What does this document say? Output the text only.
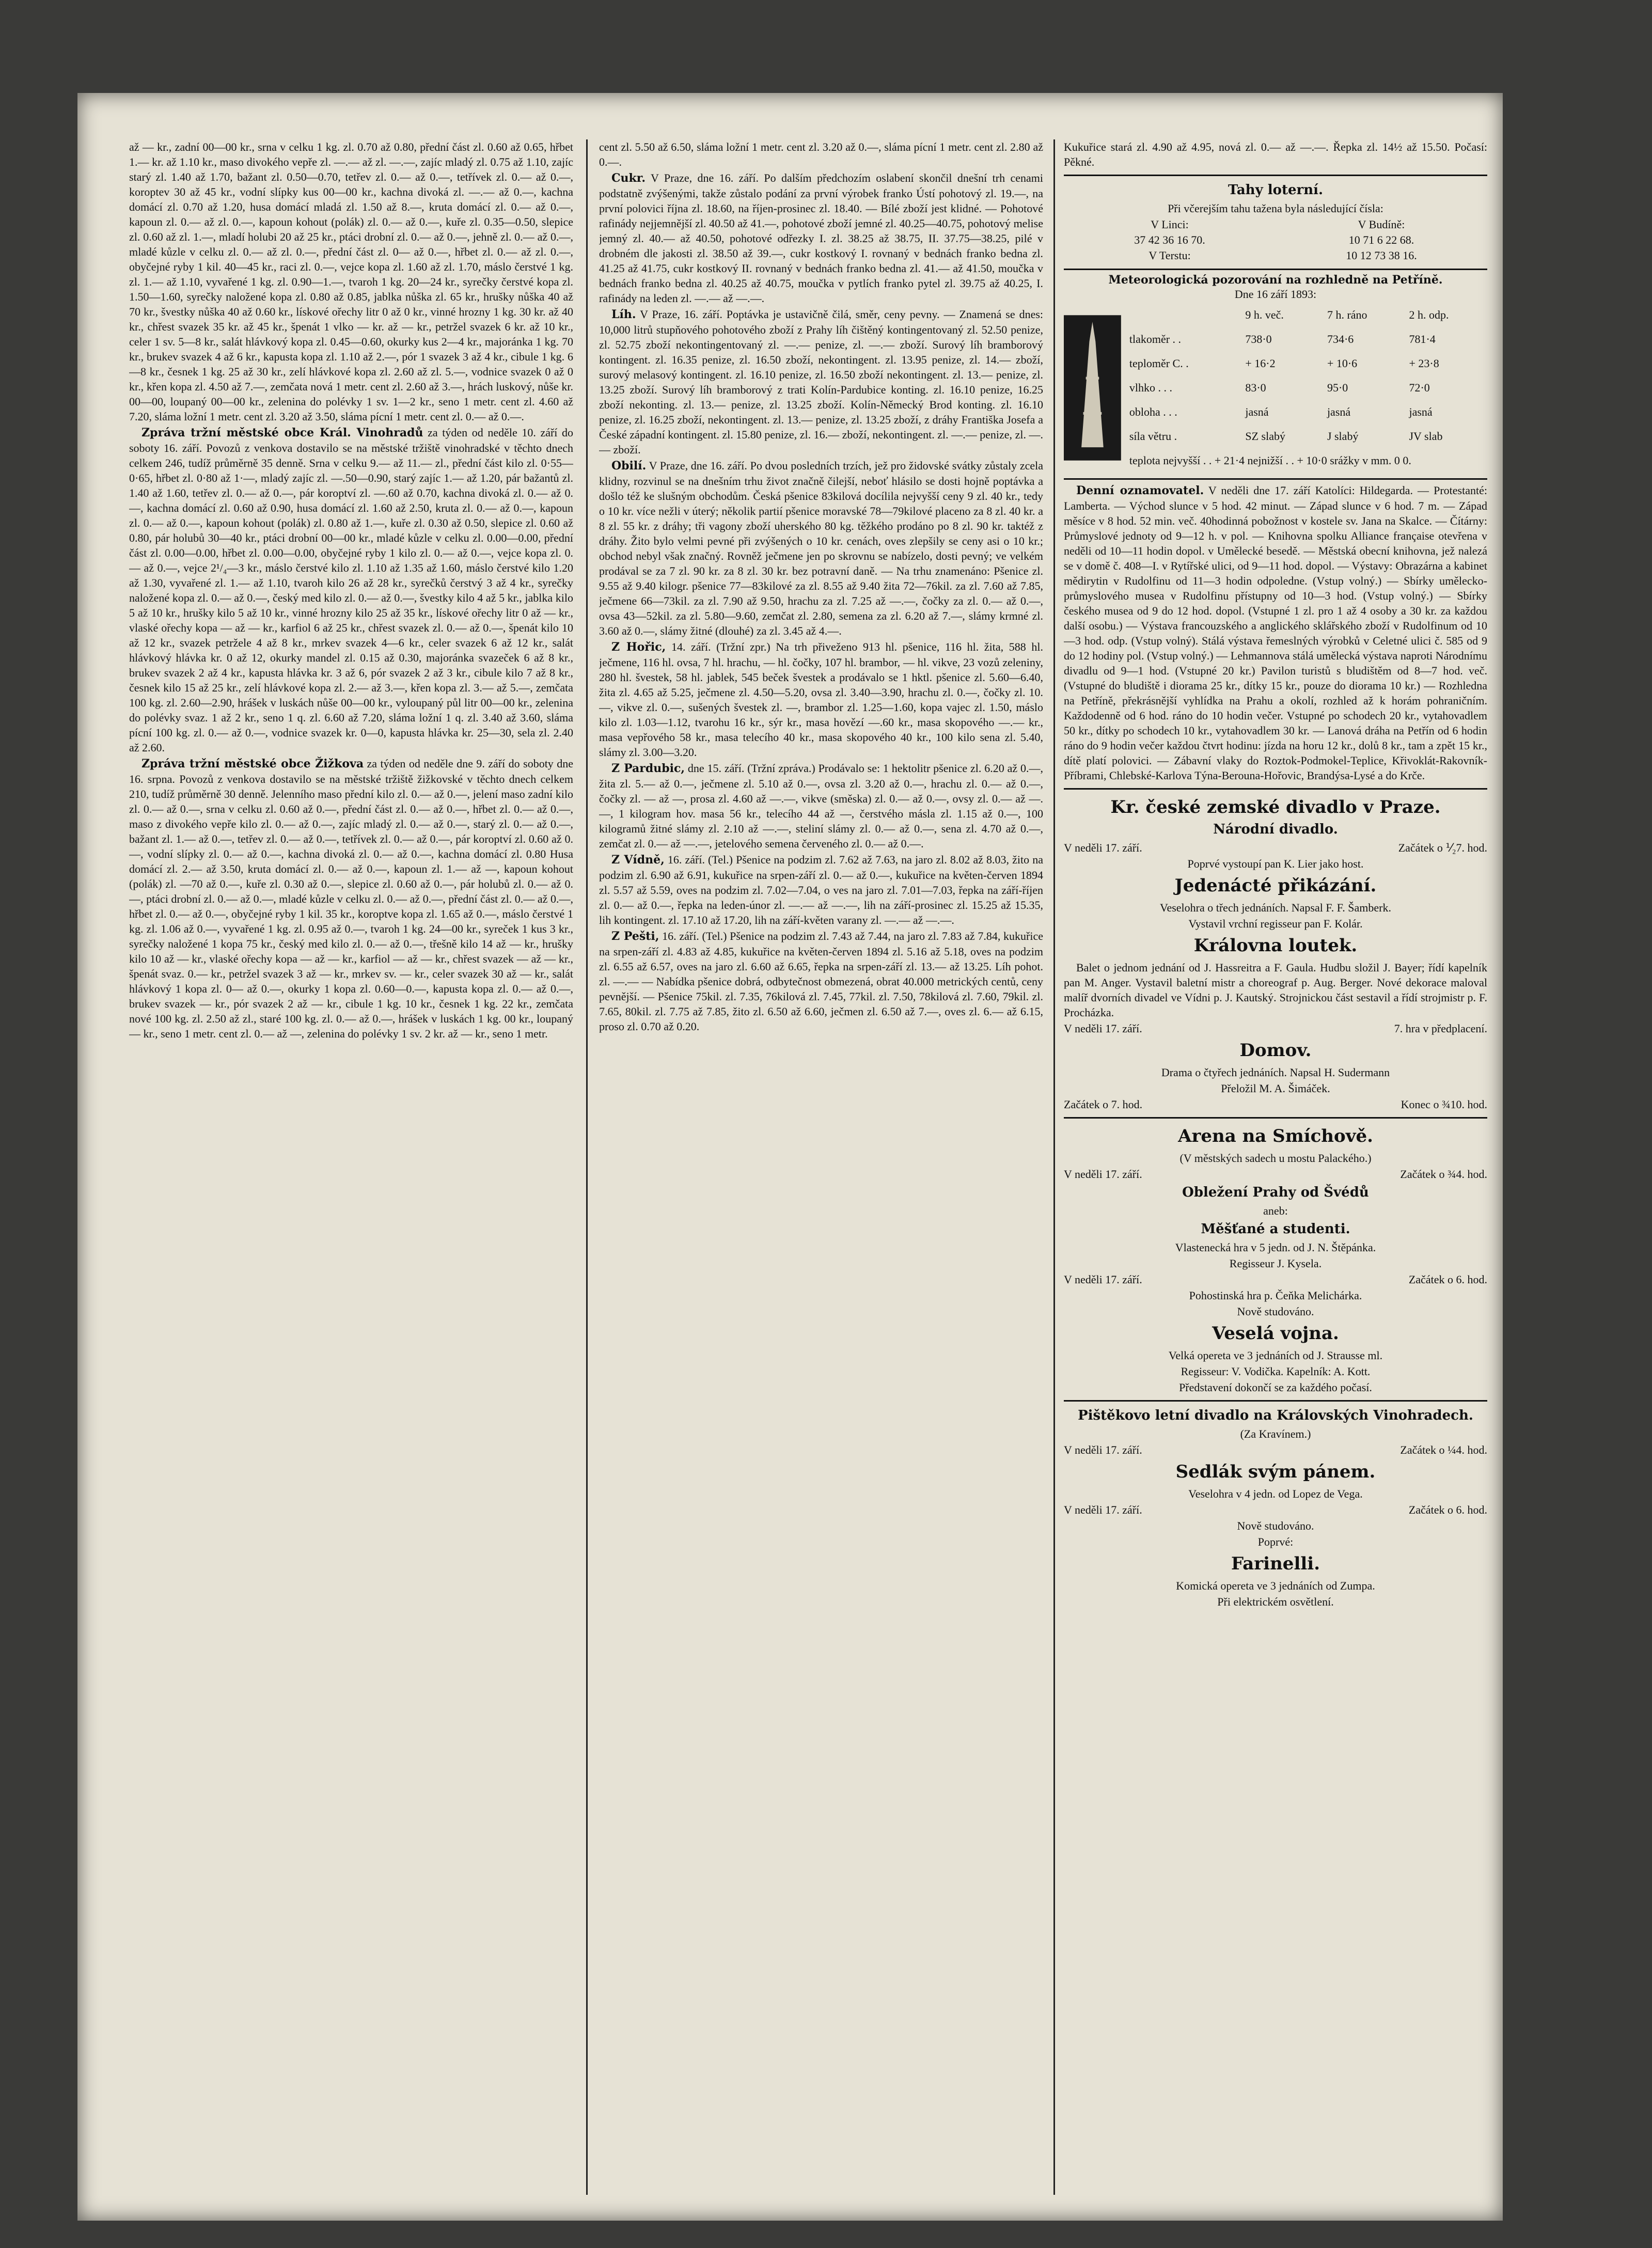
až — kr., zadní 00—00 kr., srna v celku 1 kg. zl. 0.70 až 0.80, přední část zl. 0.60 až 0.65, hřbet 1.— kr. až 1.10 kr., maso divokého vepře zl. —.— až zl. —.—, zajíc mladý zl. 0.75 až 1.10, zajíc starý zl. 1.40 až 1.70, bažant zl. 0.50—0.70, tetřev zl. 0.— až 0.—, tetřívek zl. 0.— až 0.—, koroptev 30 až 45 kr., vodní slípky kus 00—00 kr., kachna divoká zl. —.— až 0.—, kachna domácí zl. 0.70 až 1.20, husa domácí mladá zl. 1.50 až 8.—, kruta domácí zl. 0.— až 0.—, kapoun zl. 0.— až zl. 0.—, kapoun kohout (polák) zl. 0.— až 0.—, kuře zl. 0.35—0.50, slepice zl. 0.60 až zl. 1.—, mladí holubi 20 až 25 kr., ptáci drobní zl. 0.— až 0.—, jehně zl. 0.— až 0.—, mladé kůzle v celku zl. 0.— až zl. 0.—, přední část zl. 0— až 0.—, hřbet zl. 0.— až zl. 0.—, obyčejné ryby 1 kil. 40—45 kr., raci zl. 0.—, vejce kopa zl. 1.60 až zl. 1.70, máslo čerstvé 1 kg. zl. 1.— až 1.10, vyvařené 1 kg. zl. 0.90—1.—, tvaroh 1 kg. 20—24 kr., syrečky čerstvé kopa zl. 1.50—1.60, syrečky naložené kopa zl. 0.80 až 0.85, jablka nůška zl. 65 kr., hrušky nůška 40 až 70 kr., švestky nůška 40 až 0.60 kr., lískové ořechy litr 0 až 0 kr., vinné hrozny 1 kg. 30 kr. až 40 kr., chřest svazek 35 kr. až 45 kr., špenát 1 vlko — kr. až — kr., petržel svazek 6 kr. až 10 kr., celer 1 sv. 5—8 kr., salát hlávkový kopa zl. 0.45—0.60, okurky kus 2—4 kr., majoránka 1 kg. 70 kr., brukev svazek 4 až 6 kr., kapusta kopa zl. 1.10 až 2.—, pór 1 svazek 3 až 4 kr., cibule 1 kg. 6—8 kr., česnek 1 kg. 25 až 30 kr., zelí hlávkové kopa zl. 2.60 až zl. 5.—, vodnice svazek 0 až 0 kr., křen kopa zl. 4.50 až 7.—, zemčata nová 1 metr. cent zl. 2.60 až 3.—, hrách luskový, nůše kr. 00—00, loupaný 00—00 kr., zelenina do polévky 1 sv. 1—2 kr., seno 1 metr. cent zl. 4.60 až 7.20, sláma ložní 1 metr. cent zl. 3.20 až 3.50, sláma pícní 1 metr. cent zl. 0.— až 0.—.

Zpráva tržní městské obce Král. Vinohradů za týden od neděle 10. září do soboty 16. září. Povozů z venkova dostavilo se na městské tržiště vinohradské v těchto dnech celkem 246, tudíž průměrně 35 denně. Srna v celku 9.— až 11.— zl., přední část kilo zl. 0·55—0·65, hřbet zl. 0·80 až 1·—, mladý zajíc zl. —.50—0.90, starý zajíc 1.— až 1.20, pár bažantů zl. 1.40 až 1.60, tetřev zl. 0.— až 0.—, pár koroptví zl. —.60 až 0.70, kachna divoká zl. 0.— až 0.—, kachna domácí zl. 0.60 až 0.90, husa domácí zl. 1.60 až 2.50, kruta zl. 0.— až 0.—, kapoun zl. 0.— až 0.—, kapoun kohout (polák) zl. 0.80 až 1.—, kuře zl. 0.30 až 0.50, slepice zl. 0.60 až 0.80, pár holubů 30—40 kr., ptáci drobní 00—00 kr., mladé kůzle v celku zl. 0.00—0.00, přední část zl. 0.00—0.00, hřbet zl. 0.00—0.00, obyčejné ryby 1 kilo zl. 0.— až 0.—, vejce kopa zl. 0.— až 0.—, vejce 2¹/₄—3 kr., máslo čerstvé kilo zl. 1.10 až 1.35 až 1.60, máslo čerstvé kilo 1.20 až 1.30, vyvařené zl. 1.— až 1.10, tvaroh kilo 26 až 28 kr., syrečků čerstvý 3 až 4 kr., syrečky naložené kopa zl. 0.— až 0.—, český med kilo zl. 0.— až 0.—, švestky kilo 4 až 5 kr., jablka kilo 5 až 10 kr., hrušky kilo 5 až 10 kr., vinné hrozny kilo 25 až 35 kr., lískové ořechy litr 0 až — kr., vlaské ořechy kopa — až — kr., karfiol 6 až 25 kr., chřest svazek zl. 0.— až 0.—, špenát kilo 10 až 12 kr., svazek petržele 4 až 8 kr., mrkev svazek 4—6 kr., celer svazek 6 až 12 kr., salát hlávkový hlávka kr. 0 až 12, okurky mandel zl. 0.15 až 0.30, majoránka svazeček 6 až 8 kr., brukev svazek 2 až 4 kr., kapusta hlávka kr. 3 až 6, pór svazek 2 až 3 kr., cibule kilo 7 až 8 kr., česnek kilo 15 až 25 kr., zelí hlávkové kopa zl. 2.— až 3.—, křen kopa zl. 3.— až 5.—, zemčata 100 kg. zl. 2.60—2.90, hrášek v luskách nůše 00—00 kr., vyloupaný půl litr 00—00 kr., zelenina do polévky svaz. 1 až 2 kr., seno 1 q. zl. 6.60 až 7.20, sláma ložní 1 q. zl. 3.40 až 3.60, sláma pícní 100 kg. zl. 0.— až 0.—, vodnice svazek kr. 0—0, kapusta hlávka kr. 25—30, sela zl. 2.40 až 2.60.

Zpráva tržní městské obce Žižkova za týden od neděle dne 9. září do soboty dne 16. srpna. Povozů z venkova dostavilo se na městské tržiště žižkovské v těchto dnech celkem 210, tudíž průměrně 30 denně. Jelenního maso přední kilo zl. 0.— až 0.—, jelení maso zadní kilo zl. 0.— až 0.—, srna v celku zl. 0.60 až 0.—, přední část zl. 0.— až 0.—, hřbet zl. 0.— až 0.—, maso z divokého vepře kilo zl. 0.— až 0.—, zajíc mladý zl. 0.— až 0.—, starý zl. 0.— až 0.—, bažant zl. 1.— až 0.—, tetřev zl. 0.— až 0.—, tetřívek zl. 0.— až 0.—, pár koroptví zl. 0.60 až 0.—, vodní slípky zl. 0.— až 0.—, kachna divoká zl. 0.— až 0.—, kachna domácí zl. 0.80 Husa domácí zl. 2.— až 3.50, kruta domácí zl. 0.— až 0.—, kapoun zl. 1.— až —, kapoun kohout (polák) zl. —70 až 0.—, kuře zl. 0.30 až 0.—, slepice zl. 0.60 až 0.—, pár holubů zl. 0.— až 0.—, ptáci drobní zl. 0.— až 0.—, mladé kůzle v celku zl. 0.— až 0.—, přední část zl. 0.— až 0.—, hřbet zl. 0.— až 0.—, obyčejné ryby 1 kil. 35 kr., koroptve kopa zl. 1.65 až 0.—, máslo čerstvé 1 kg. zl. 1.06 až 0.—, vyvařené 1 kg. zl. 0.95 až 0.—, tvaroh 1 kg. 24—00 kr., syreček 1 kus 3 kr., syrečky naložené 1 kopa 75 kr., český med kilo zl. 0.— až 0.—, třešně kilo 14 až — kr., hrušky kilo 10 až — kr., vlaské ořechy kopa — až — kr., karfiol — až — kr., chřest svazek — až — kr., špenát svaz. 0.— kr., petržel svazek 3 až — kr., mrkev sv. — kr., celer svazek 30 až — kr., salát hlávkový 1 kopa zl. 0— až 0.—, okurky 1 kopa zl. 0.60—0.—, kapusta kopa zl. 0.— až 0.—, brukev svazek — kr., pór svazek 2 až — kr., cibule 1 kg. 10 kr., česnek 1 kg. 22 kr., zemčata nové 100 kg. zl. 2.50 až zl., staré 100 kg. zl. 0.— až 0.—, hrášek v luskách 1 kg. 00 kr., loupaný — kr., seno 1 metr. cent zl. 0.— až —, zelenina do polévky 1 sv. 2 kr. až — kr., seno 1 metr.

cent zl. 5.50 až 6.50, sláma ložní 1 metr. cent zl. 3.20 až 0.—, sláma pícní 1 metr. cent zl. 2.80 až 0.—.

Cukr. V Praze, dne 16. září. Po dalším předchozím oslabení skončil dnešní trh cenami podstatně zvýšenými, takže zůstalo podání za první výrobek franko Ústí pohotový zl. 19.—, na první polovici října zl. 18.60, na říjen-prosinec zl. 18.40. — Bílé zboží jest klidné. — Pohotové rafinády nejjemnější zl. 40.50 až 41.—, pohotové zboží jemné zl. 40.25—40.75, pohotový melise jemný zl. 40.— až 40.50, pohotové odřezky I. zl. 38.25 až 38.75, II. 37.75—38.25, pilé v drobném dle jakosti zl. 38.50 až 39.—, cukr kostkový I. rovnaný v bednách franko bedna zl. 41.25 až 41.75, cukr kostkový II. rovnaný v bednách franko bedna zl. 41.— až 41.50, moučka v bednách franko bedna zl. 40.25 až 40.75, moučka v pytlích franko pytel zl. 39.75 až 40.25, I. rafinády na leden zl. —.— až —.—.

Líh. V Praze, 16. září. Poptávka je ustavičně čilá, směr, ceny pevny. — Znamená se dnes: 10,000 litrů stupňového pohotového zboží z Prahy líh čištěný kontingentovaný zl. 52.50 penize, zl. 52.75 zboží nekontingentovaný zl. —.— penize, zl. —.— zboží. Surový líh bramborový kontingent. zl. 16.35 penize, zl. 16.50 zboží, nekontingent. zl. 13.95 penize, zl. 14.— zboží, surový melasový kontingent. zl. 16.10 penize, zl. 16.50 zboží nekontingent. zl. 13.— penize, zl. 13.25 zboží. Surový líh bramborový z trati Kolín-Pardubice konting. zl. 16.10 penize, 16.25 zboží nekonting. zl. 13.— penize, zl. 13.25 zboží. Kolín-Německý Brod konting. zl. 16.10 penize, zl. 16.25 zboží, nekontingent. zl. 13.— penize, zl. 13.25 zboží, z dráhy Františka Josefa a České západní kontingent. zl. 15.80 penize, zl. 16.— zboží, nekontingent. zl. —.— penize, zl. —.— zboží.

Obilí. V Praze, dne 16. září. Po dvou posledních trzích, jež pro židovské svátky zůstaly zcela klidny, rozvinul se na dnešním trhu život značně čilejší, neboť hlásilo se dosti hojně poptávka a došlo též ke slušným obchodům. Česká pšenice 83kilová docílila nejvyšší ceny 9 zl. 40 kr., tedy o 10 kr. více nežli v úterý; několik partií pšenice moravské 78—79kilové placeno za 8 zl. 40 kr. a 8 zl. 55 kr. z dráhy; tři vagony zboží uherského 80 kg. těžkého prodáno po 8 zl. 90 kr. taktéž z dráhy. Žito bylo velmi pevné při zvýšených o 10 kr. cenách, oves zlepšily se ceny asi o 10 kr.; obchod nebyl však značný. Rovněž ječmene jen po skrovnu se nabízelo, dosti pevný; ve velkém prodával se za 7 zl. 90 kr. za 8 zl. 30 kr. bez potravní daně. — Na trhu znamenáno: Pšenice zl. 9.55 až 9.40 kilogr. pšenice 77—83kilové za zl. 8.55 až 9.40 žita 72—76kil. za zl. 7.60 až 7.85, ječmene 66—73kil. za zl. 7.90 až 9.50, hrachu za zl. 7.25 až —.—, čočky za zl. 0.— až 0.—, ovsa 43—52kil. za zl. 5.80—9.60, zemčat zl. 2.80, semena za zl. 6.20 až 7.—, slámy krmné zl. 3.60 až 0.—, slámy žitné (dlouhé) za zl. 3.45 až 4.—.

Z Hořic, 14. září. (Tržní zpr.) Na trh přiveženo 913 hl. pšenice, 116 hl. žita, 588 hl. ječmene, 116 hl. ovsa, 7 hl. hrachu, — hl. čočky, 107 hl. brambor, — hl. vikve, 23 vozů zeleniny, 280 hl. švestek, 58 hl. jablek, 545 beček švestek a prodávalo se 1 hktl. pšenice zl. 5.60—6.40, žita zl. 4.65 až 5.25, ječmene zl. 4.50—5.20, ovsa zl. 3.40—3.90, hrachu zl. 0.—, čočky zl. 10.—, vikve zl. 0.—, sušených švestek zl. —, brambor zl. 1.25—1.60, kopa vajec zl. 1.50, máslo kilo zl. 1.03—1.12, tvarohu 16 kr., sýr kr., masa hovězí —.60 kr., masa skopového —.— kr., masa vepřového 58 kr., masa telecího 40 kr., masa skopového 40 kr., 100 kilo sena zl. 5.40, slámy zl. 3.00—3.20.

Z Pardubic, dne 15. září. (Tržní zpráva.) Prodávalo se: 1 hektolitr pšenice zl. 6.20 až 0.—, žita zl. 5.— až 0.—, ječmene zl. 5.10 až 0.—, ovsa zl. 3.20 až 0.—, hrachu zl. 0.— až 0.—, čočky zl. — až —, prosa zl. 4.60 až —.—, vikve (směska) zl. 0.— až 0.—, ovsy zl. 0.— až —.—, 1 kilogram hov. masa 56 kr., telecího 44 až —, čerstvého másla zl. 1.15 až 0.—, 100 kilogramů žitné slámy zl. 2.10 až —.—, steliní slámy zl. 0.— až 0.—, sena zl. 4.70 až 0.—, zemčat zl. 0.— až —.—, jetelového semena červeného zl. 0.— až 0.—.

Z Vídně, 16. září. (Tel.) Pšenice na podzim zl. 7.62 až 7.63, na jaro zl. 8.02 až 8.03, žito na podzim zl. 6.90 až 6.91, kukuřice na srpen-září zl. 0.— až 0.—, kukuřice na květen-červen 1894 zl. 5.57 až 5.59, oves na podzim zl. 7.02—7.04, o ves na jaro zl. 7.01—7.03, řepka na září-říjen zl. 0.— až 0.—, řepka na leden-únor zl. —.— až —.—, lih na září-prosinec zl. 15.25 až 15.35, lih kontingent. zl. 17.10 až 17.20, lih na září-květen varany zl. —.— až —.—.

Z Pešti, 16. září. (Tel.) Pšenice na podzim zl. 7.43 až 7.44, na jaro zl. 7.83 až 7.84, kukuřice na srpen-září zl. 4.83 až 4.85, kukuřice na květen-červen 1894 zl. 5.16 až 5.18, oves na podzim zl. 6.55 až 6.57, oves na jaro zl. 6.60 až 6.65, řepka na srpen-září zl. 13.— až 13.25. Líh pohot. zl. —.— — Nabídka pšenice dobrá, odbytečnost obmezená, obrat 40.000 metrických centů, ceny pevnější. — Pšenice 75kil. zl. 7.35, 76kilová zl. 7.45, 77kil. zl. 7.50, 78kilová zl. 7.60, 79kil. zl. 7.65, 80kil. zl. 7.75 až 7.85, žito zl. 6.50 až 6.60, ječmen zl. 6.50 až 7.—, oves zl. 6.— až 6.15, proso zl. 0.70 až 0.20.

Kukuřice stará zl. 4.90 až 4.95, nová zl. 0.— až —.—. Řepka zl. 14½ až 15.50. Počasí: Pěkné.

Tahy loterní.

Při včerejším tahu tažena byla následující čísla:

V Linci:	V Budíně:
37 42 36 16 70.	10 71 6 22 68.
V Terstu:	10 12 73 38 16.
Meteorologická pozorování na rozhledně na Petříně.
Dne 16 září 1893:
	9 h. več.	7 h. ráno	2 h. odp.
tlakoměr . .	738·0	734·6	781·4
teploměr C. .	+ 16·2	+ 10·6	+ 23·8
vlhko . . .	83·0	95·0	72·0
obloha . . .	jasná	jasná	jasná
síla větru .	SZ slabý	J slabý	JV slab
teplota nejvyšší . . + 21·4 nejnižší . . + 10·0 srážky v mm. 0 0.			

Denní oznamovatel. V neděli dne 17. září Katolíci: Hildegarda. — Protestanté: Lamberta. — Východ slunce v 5 hod. 42 minut. — Západ slunce v 6 hod. 7 m. — Západ měsíce v 8 hod. 52 min. več. 40hodinná pobožnost v kostele sv. Jana na Skalce. — Čítárny: Průmyslové jednoty od 9—12 h. v pol. — Knihovna spolku Alliance française otevřena v neděli od 10—11 hodin dopol. v Umělecké besedě. — Městská obecní knihovna, jež nalezá se v domě č. 408—I. v Rytířské ulici, od 9—11 hod. dopol. — Výstavy: Obrazárna a kabinet mědirytin v Rudolfinu od 11—3 hodin odpoledne. (Vstup volný.) — Sbírky umělecko-průmyslového musea v Rudolfinu přístupny od 10—3 hod. (Vstup volný.) — Sbírky českého musea od 9 do 12 hod. dopol. (Vstupné 1 zl. pro 1 až 4 osoby a 30 kr. za každou další osobu.) — Výstava francouzského a anglického sklářského zboží v Rudolfinum od 10—3 hod. odp. (Vstup volný). Stálá výstava řemeslných výrobků v Celetné ulici č. 585 od 9 do 12 hodiny pol. (Vstup volný.) — Lehmannova stálá umělecká výstava naproti Národnímu divadlu od 9—1 hod. (Vstupné 20 kr.) Pavilon turistů s bludištěm od 8—7 hod. več. (Vstupné do bludiště i diorama 25 kr., dítky 15 kr., pouze do diorama 10 kr.) — Rozhledna na Petříně, překrásnější vyhlídka na Prahu a okolí, rozhled až k horám pohraničním. Každodenně od 6 hod. ráno do 10 hodin večer. Vstupné po schodech 20 kr., vytahovadlem 50 kr., dítky po schodech 10 kr., vytahovadlem 30 kr. — Lanová dráha na Petřín od 6 hodin ráno do 9 hodin večer každou čtvrt hodinu: jízda na horu 12 kr., dolů 8 kr., tam a zpět 15 kr., dítě platí polovici. — Zábavní vlaky do Roztok-Podmokel-Teplice, Křivoklát-Rakovník-Příbrami, Chlebské-Karlova Týna-Berouna-Hořovic, Brandýsa-Lysé a do Krče.

Kr. české zemské divadlo v Praze.
Národní divadlo.
V neděli 17. září.	Začátek o ⅟₂7. hod.
Poprvé vystoupí pan K. Lier jako host.
Jedenácté přikázání.
Veselohra o třech jednáních. Napsal F. F. Šamberk.
Vystavil vrchní regisseur pan F. Kolár.
Královna loutek.

Balet o jednom jednání od J. Hassreitra a F. Gaula. Hudbu složil J. Bayer; řídí kapelník pan M. Anger. Vystavil baletní mistr a choreograf p. Aug. Berger. Nové dekorace maloval malíř dvorních divadel ve Vídni p. J. Kautský. Strojnickou část sestavil a řídí strojmistr p. F. Procházka.

V neděli 17. září.	7. hra v předplacení.
Domov.
Drama o čtyřech jednáních. Napsal H. Sudermann
Přeložil M. A. Šimáček.
Začátek o 7. hod.	Konec o ¾10. hod.
Arena na Smíchově.
(V městských sadech u mostu Palackého.)
V neděli 17. září.	Začátek o ¾4. hod.
Obležení Prahy od Švédů
aneb:
Měšťané a studenti.
Vlastenecká hra v 5 jedn. od J. N. Štěpánka.
Regisseur J. Kysela.
V neděli 17. září.	Začátek o 6. hod.
Pohostinská hra p. Čeňka Melichárka.
Nově studováno.
Veselá vojna.
Velká opereta ve 3 jednáních od J. Strausse ml.
Regisseur: V. Vodička. Kapelník: A. Kott.
Představení dokončí se za každého počasí.
Pištěkovo letní divadlo na Královských Vinohradech.
(Za Kravínem.)
V neděli 17. září.	Začátek o ¼4. hod.
Sedlák svým pánem.
Veselohra v 4 jedn. od Lopez de Vega.
V neděli 17. září.	Začátek o 6. hod.
Nově studováno.
Poprvé:
Farinelli.
Komická opereta ve 3 jednáních od Zumpa.
Při elektrickém osvětlení.
